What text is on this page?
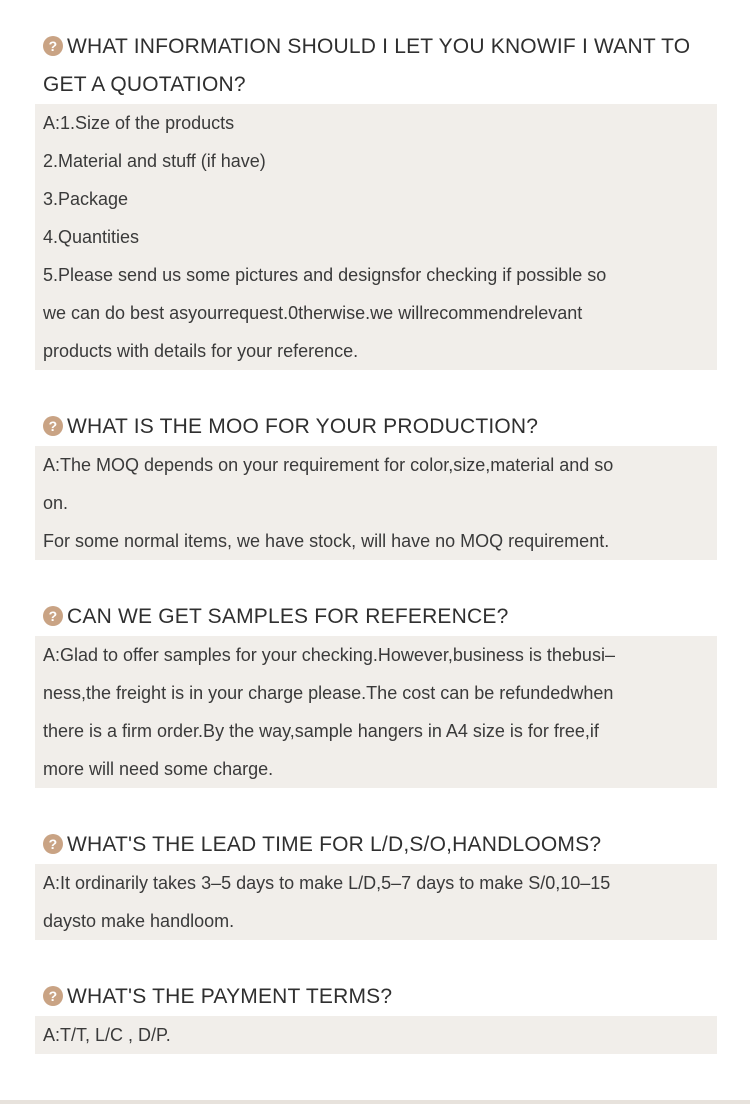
? WHAT INFORMATION SHOULD I LET YOU KNOWIF I WANT TO GET A QUOTATION?

A:1.Size of the products

2.Material and stuff (if have)

3.Package

4.Quantities

5.Please send us some pictures and designsfor checking if possible so

we can do best asyourrequest.0therwise.we willrecommendrelevant

products with details for your reference.

? WHAT IS THE MOO FOR YOUR PRODUCTION?

A:The MOQ depends on your requirement for color,size,material and so

on.

For some normal items, we have stock, will have no MOQ requirement.

? CAN WE GET SAMPLES FOR REFERENCE?

A:Glad to offer samples for your checking.However,business is thebusi–

ness,the freight is in your charge please.The cost can be refundedwhen

there is a firm order.By the way,sample hangers in A4 size is for free,if

more will need some charge.

? WHAT'S THE LEAD TIME FOR L/D,S/O,HANDLOOMS?

A:It ordinarily takes 3–5 days to make L/D,5–7 days to make S/0,10–15

daysto make handloom.

? WHAT'S THE PAYMENT TERMS?

A:T/T, L/C , D/P.
